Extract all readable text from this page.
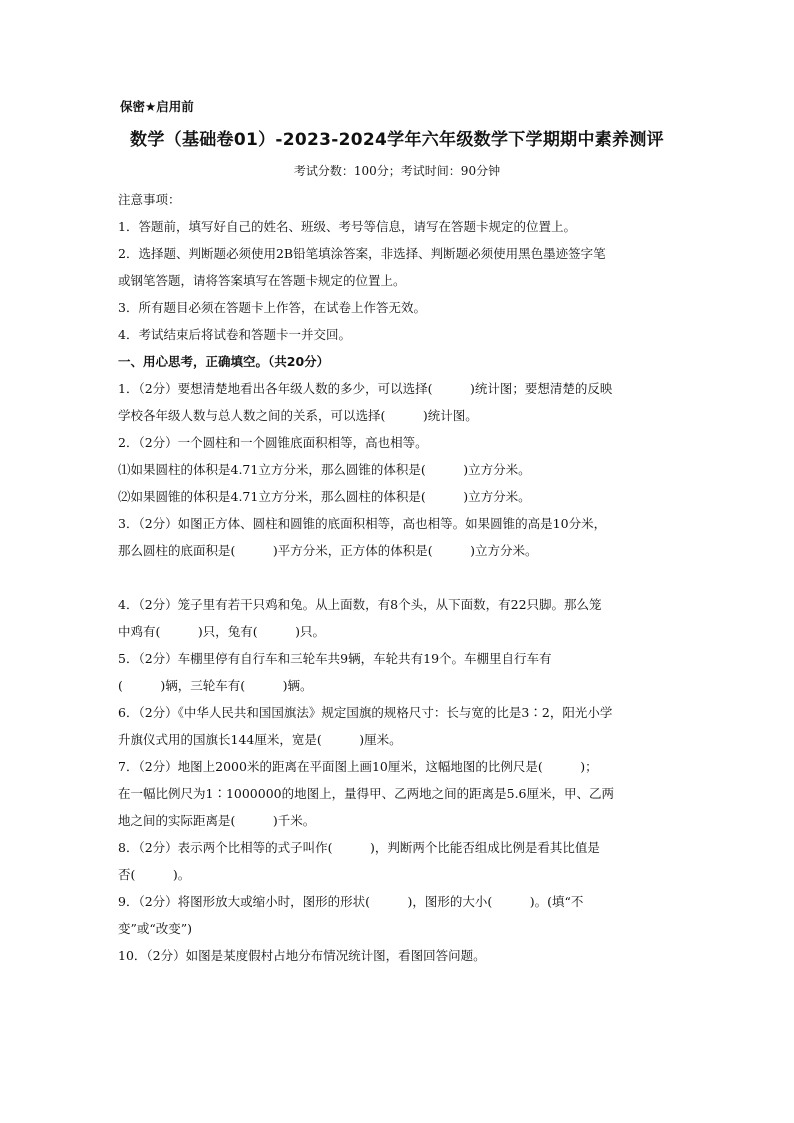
保密★启用前
数学（基础卷01）-2023-2024学年六年级数学下学期期中素养测评
考试分数：100分；考试时间：90分钟
注意事项：
1．答题前，填写好自己的姓名、班级、考号等信息，请写在答题卡规定的位置上。
2．选择题、判断题必须使用2B铅笔填涂答案，非选择、判断题必须使用黑色墨迹签字笔
或钢笔答题，请将答案填写在答题卡规定的位置上。
3．所有题目必须在答题卡上作答，在试卷上作答无效。
4．考试结束后将试卷和答题卡一并交回。
一、用心思考，正确填空。（共20分）
1．（2分）要想清楚地看出各年级人数的多少，可以选择(　　　)统计图；要想清楚的反映
学校各年级人数与总人数之间的关系，可以选择(　　　)统计图。
2．（2分）一个圆柱和一个圆锥底面积相等，高也相等。
⑴如果圆柱的体积是4.71立方分米，那么圆锥的体积是(　　　)立方分米。
⑵如果圆锥的体积是4.71立方分米，那么圆柱的体积是(　　　)立方分米。
3．（2分）如图正方体、圆柱和圆锥的底面积相等，高也相等。如果圆锥的高是10分米，
那么圆柱的底面积是(　　　)平方分米，正方体的体积是(　　　)立方分米。
4．（2分）笼子里有若干只鸡和兔。从上面数，有8个头，从下面数，有22只脚。那么笼
中鸡有(　　　)只，兔有(　　　)只。
5．（2分）车棚里停有自行车和三轮车共9辆，车轮共有19个。车棚里自行车有
(　　　)辆，三轮车有(　　　)辆。
6．（2分）《中华人民共和国国旗法》规定国旗的规格尺寸：长与宽的比是3∶2，阳光小学
升旗仪式用的国旗长144厘米，宽是(　　　)厘米。
7．（2分）地图上2000米的距离在平面图上画10厘米，这幅地图的比例尺是(　　　)；
在一幅比例尺为1∶1000000的地图上，量得甲、乙两地之间的距离是5.6厘米，甲、乙两
地之间的实际距离是(　　　)千米。
8．（2分）表示两个比相等的式子叫作(　　　)，判断两个比能否组成比例是看其比值是
否(　　　)。
9．（2分）将图形放大或缩小时，图形的形状(　　　)，图形的大小(　　　)。(填“不
变”或“改变”)
10．（2分）如图是某度假村占地分布情况统计图，看图回答问题。
